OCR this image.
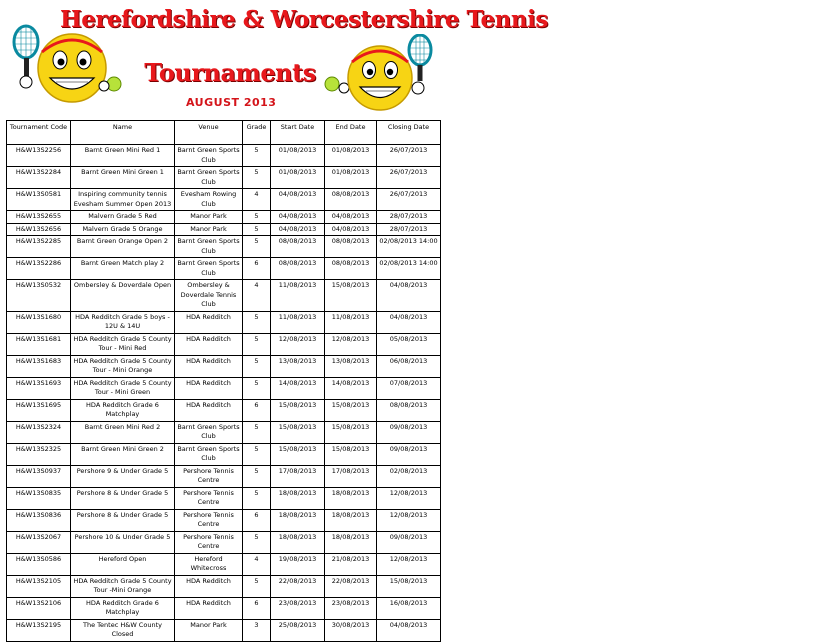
Herefordshire & Worcestershire Tennis
Tournaments
AUGUST 2013
Tournament Code	Name	Venue	Grade	Start Date	End Date	Closing Date
H&W13S2256	Barnt Green Mini Red 1	Barnt Green Sports Club	5	01/08/2013	01/08/2013	26/07/2013
H&W13S2284	Barnt Green Mini Green 1	Barnt Green Sports Club	5	01/08/2013	01/08/2013	26/07/2013
H&W13S0581	Inspiring community tennis Evesham Summer Open 2013	Evesham Rowing Club	4	04/08/2013	08/08/2013	26/07/2013
H&W13S2655	Malvern Grade 5 Red	Manor Park	5	04/08/2013	04/08/2013	28/07/2013
H&W13S2656	Malvern Grade 5 Orange	Manor Park	5	04/08/2013	04/08/2013	28/07/2013
H&W13S2285	Barnt Green Orange Open 2	Barnt Green Sports Club	5	08/08/2013	08/08/2013	02/08/2013 14:00
H&W13S2286	Barnt Green Match play 2	Barnt Green Sports Club	6	08/08/2013	08/08/2013	02/08/2013 14:00
H&W13S0532	Ombersley & Doverdale Open	Ombersley & Doverdale Tennis Club	4	11/08/2013	15/08/2013	04/08/2013
H&W13S1680	HDA Redditch Grade 5 boys - 12U & 14U	HDA Redditch	5	11/08/2013	11/08/2013	04/08/2013
H&W13S1681	HDA Redditch Grade 5 County Tour - Mini Red	HDA Redditch	5	12/08/2013	12/08/2013	05/08/2013
H&W13S1683	HDA Redditch Grade 5 County Tour - Mini Orange	HDA Redditch	5	13/08/2013	13/08/2013	06/08/2013
H&W13S1693	HDA Redditch Grade 5 County Tour - Mini Green	HDA Redditch	5	14/08/2013	14/08/2013	07/08/2013
H&W13S1695	HDA Redditch Grade 6 Matchplay	HDA Redditch	6	15/08/2013	15/08/2013	08/08/2013
H&W13S2324	Barnt Green Mini Red 2	Barnt Green Sports Club	5	15/08/2013	15/08/2013	09/08/2013
H&W13S2325	Barnt Green Mini Green 2	Barnt Green Sports Club	5	15/08/2013	15/08/2013	09/08/2013
H&W13S0937	Pershore 9 & Under Grade 5	Pershore Tennis Centre	5	17/08/2013	17/08/2013	02/08/2013
H&W13S0835	Pershore 8 & Under Grade 5	Pershore Tennis Centre	5	18/08/2013	18/08/2013	12/08/2013
H&W13S0836	Pershore 8 & Under Grade 5	Pershore Tennis Centre	6	18/08/2013	18/08/2013	12/08/2013
H&W13S2067	Pershore 10 & Under Grade 5	Pershore Tennis Centre	5	18/08/2013	18/08/2013	09/08/2013
H&W13S0586	Hereford Open	Hereford Whitecross	4	19/08/2013	21/08/2013	12/08/2013
H&W13S2105	HDA Redditch Grade 5 County Tour -Mini Orange	HDA Redditch	5	22/08/2013	22/08/2013	15/08/2013
H&W13S2106	HDA Redditch Grade 6 Matchplay	HDA Redditch	6	23/08/2013	23/08/2013	16/08/2013
H&W13S2195	The Tentec H&W County Closed	Manor Park	3	25/08/2013	30/08/2013	04/08/2013
